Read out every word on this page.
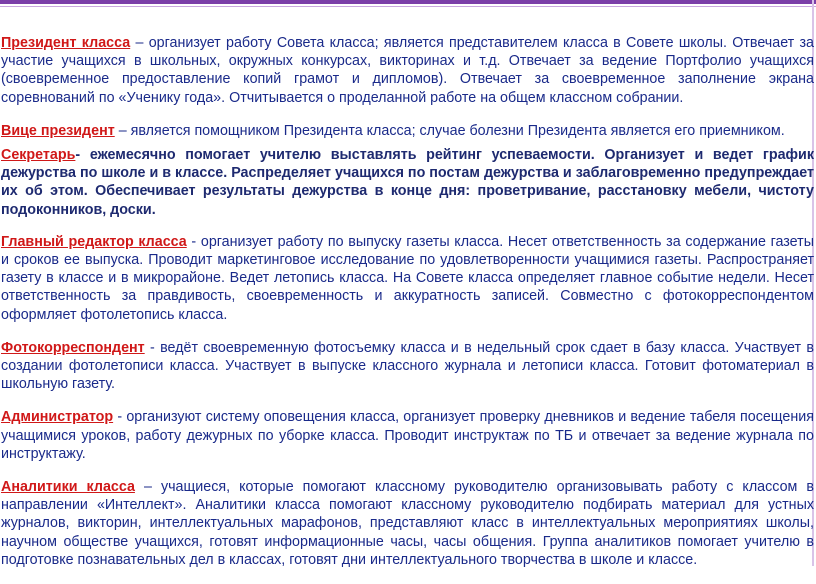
Президент класса – организует работу Совета класса; является представителем класса в Совете школы. Отвечает за участие учащихся в школьных, окружных конкурсах, викторинах и т.д. Отвечает за ведение Портфолио учащихся (своевременное предоставление копий грамот и дипломов). Отвечает за своевременное заполнение экрана соревнований по «Ученику года». Отчитывается о проделанной работе на общем классном собрании.

Вице президент – является помощником Президента класса; случае болезни Президента является его приемником.

Секретарь- ежемесячно помогает учителю выставлять рейтинг успеваемости. Организует и ведет график дежурства по школе и в классе. Распределяет учащихся по постам дежурства и заблаговременно предупреждает их об этом. Обеспечивает результаты дежурства в конце дня: проветривание, расстановку мебели, чистоту подоконников, доски.

Главный редактор класса - организует работу по выпуску газеты класса. Несет ответственность за содержание газеты и сроков ее выпуска. Проводит маркетинговое исследование по удовлетворенности учащимися газеты. Распространяет газету в классе и в микрорайоне. Ведет летопись класса. На Совете класса определяет главное событие недели. Несет ответственность за правдивость, своевременность и аккуратность записей. Совместно с фотокорреспондентом оформляет фотолетопись класса.

Фотокорреспондент - ведёт своевременную фотосъемку класса и в недельный срок сдает в базу класса. Участвует в создании фотолетописи класса. Участвует в выпуске классного журнала и летописи класса. Готовит фотоматериал в школьную газету.

Администратор - организуют систему оповещения класса, организует проверку дневников и ведение табеля посещения учащимися уроков, работу дежурных по уборке класса. Проводит инструктаж по ТБ и отвечает за ведение журнала по инструктажу.

Аналитики класса – учащиеся, которые помогают классному руководителю организовывать работу с классом в направлении «Интеллект». Аналитики класса помогают классному руководителю подбирать материал для устных журналов, викторин, интеллектуальных марафонов, представляют класс в интеллектуальных мероприятиях школы, научном обществе учащихся, готовят информационные часы, часы общения. Группа аналитиков помогает учителю в подготовке познавательных дел в классах, готовят дни интеллектуального творчества в школе и классе.
